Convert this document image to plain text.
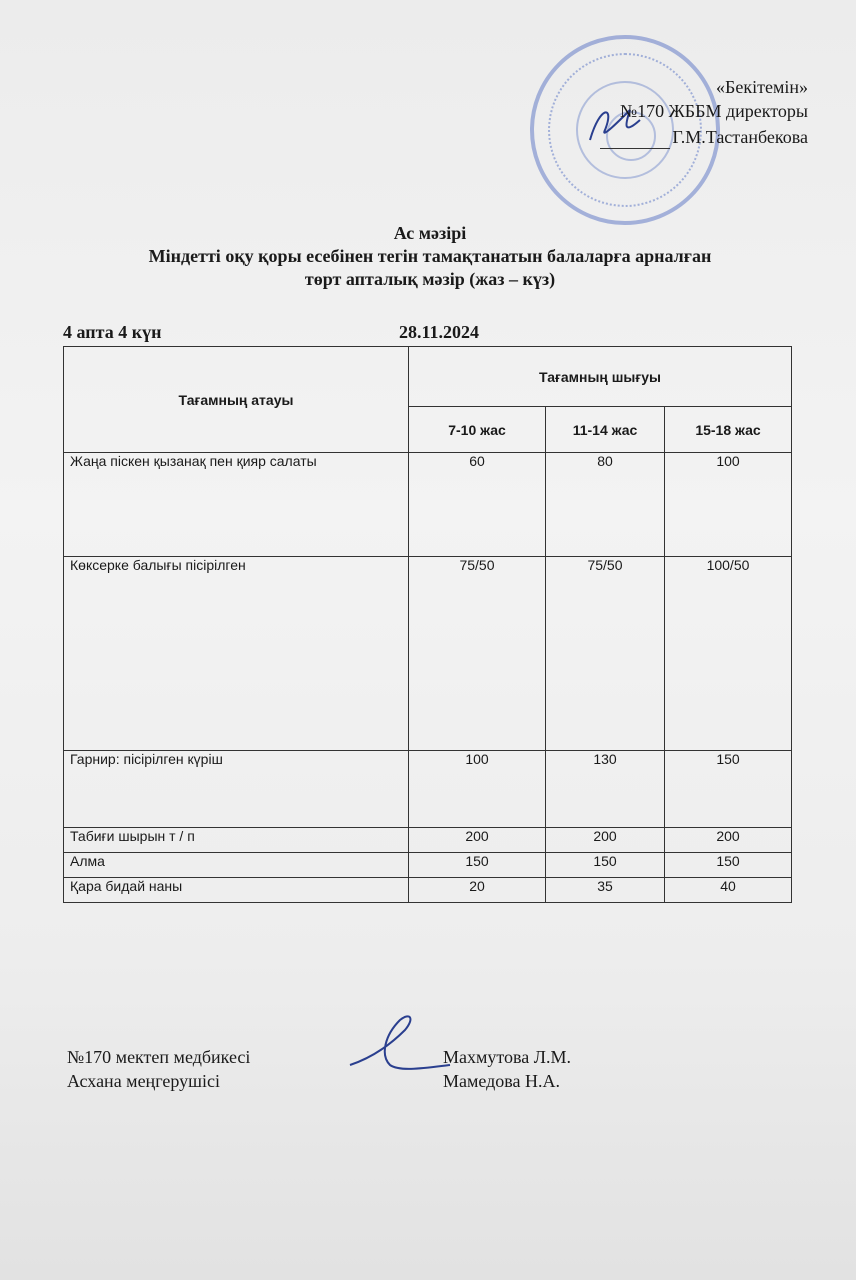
«Бекітемін»
№170 ЖББМ директоры
Г.М.Тастанбекова
Ас мәзірі
Міндетті оқу қоры есебінен тегін тамақтанатын балаларға арналған
төрт апталық мәзір (жаз – күз)
4 апта 4 күн	28.11.2024
Тағамның атауы	Тағамның шығуы		
	7-10 жас	11-14 жас	15-18 жас
Жаңа піскен қызанақ пен қияр салаты	60	80	100
Көксерке балығы пісірілген	75/50	75/50	100/50
Гарнир: пісірілген күріш	100	130	150
Табиғи шырын т / п	200	200	200
Алма	150	150	150
Қара бидай наны	20	35	40
№170 мектеп медбикесі
Асхана меңгерушісі
Махмутова Л.М.
Мамедова Н.А.
